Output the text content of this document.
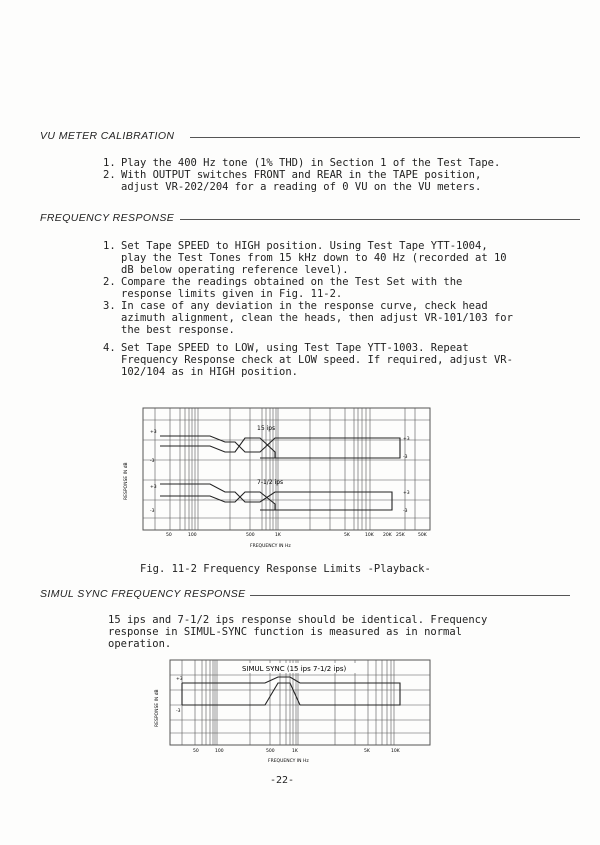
VU METER CALIBRATION
1. Play the 400 Hz tone (1% THD) in Section 1 of the Test Tape.
2. With OUTPUT switches FRONT and REAR in the TAPE position, adjust VR-202/204 for a reading of 0 VU on the VU meters.
FREQUENCY RESPONSE
1. Set Tape SPEED to HIGH position. Using Test Tape YTT-1004, play the Test Tones from 15 kHz down to 40 Hz (recorded at 10 dB below operating reference level).
2. Compare the readings obtained on the Test Set with the response limits given in Fig. 11-2.
3. In case of any deviation in the response curve, check head azimuth alignment, clean the heads, then adjust VR-101/103 for the best response.
4. Set Tape SPEED to LOW, using Test Tape YTT-1003. Repeat Frequency Response check at LOW speed. If required, adjust VR-102/104 as in HIGH position.
15 ips
7-1/2 ips
+3
-3
+3
-3
+3
-3
+3
-3
50	100	500	1K	5K	10K 20K 25K	50K
FREQUENCY IN Hz
RESPONSE IN dB
Fig. 11-2 Frequency Response Limits -Playback-
SIMUL SYNC FREQUENCY RESPONSE
15 ips and 7-1/2 ips response should be identical. Frequency response in SIMUL-SYNC function is measured as in normal operation.
SIMUL SYNC (15 ips 7-1/2 ips)
+3
-3
50	100	500	1K	5K	10K
FREQUENCY IN Hz
RESPONSE IN dB
-22-
